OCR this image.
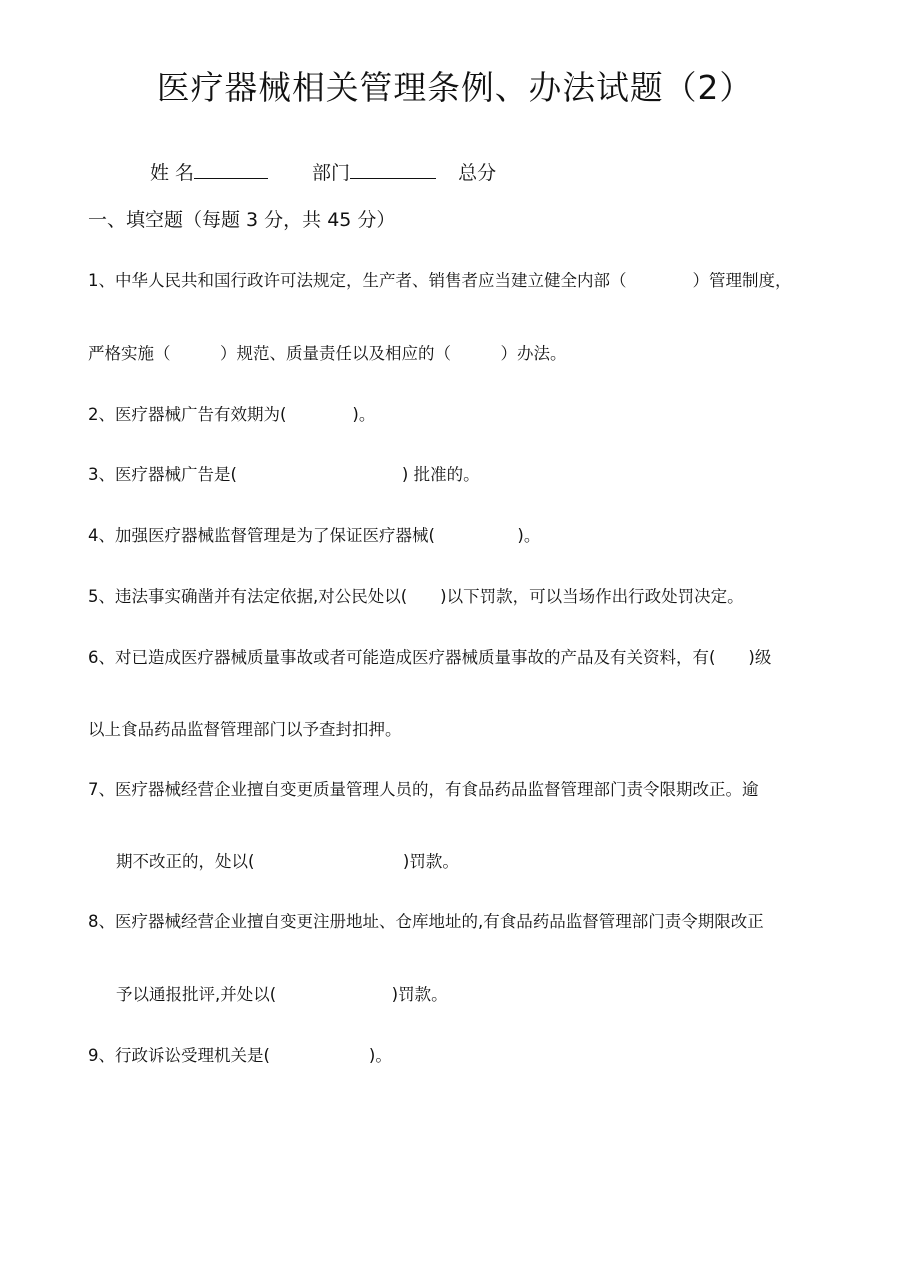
医疗器械相关管理条例、办法试题（2）
姓 名	部门	总分
一、填空题（每题 3 分，共 45 分）
1、中华人民共和国行政许可法规定，生产者、销售者应当建立健全内部（　　　　）管理制度，
严格实施（　　　）规范、质量责任以及相应的（　　　）办法。
2、医疗器械广告有效期为(　　　　)。
3、医疗器械广告是(　　　　　　　　　　) 批准的。
4、加强医疗器械监督管理是为了保证医疗器械(　　　　　)。
5、违法事实确凿并有法定依据,对公民处以(　　)以下罚款，可以当场作出行政处罚决定。
6、对已造成医疗器械质量事故或者可能造成医疗器械质量事故的产品及有关资料，有(　　)级
以上食品药品监督管理部门以予查封扣押。
7、医疗器械经营企业擅自变更质量管理人员的，有食品药品监督管理部门责令限期改正。逾
期不改正的，处以(　　　　　　　　　)罚款。
8、医疗器械经营企业擅自变更注册地址、仓库地址的,有食品药品监督管理部门责令期限改正
予以通报批评,并处以(　　　　　　　)罚款。
9、行政诉讼受理机关是(　　　　　　)。
